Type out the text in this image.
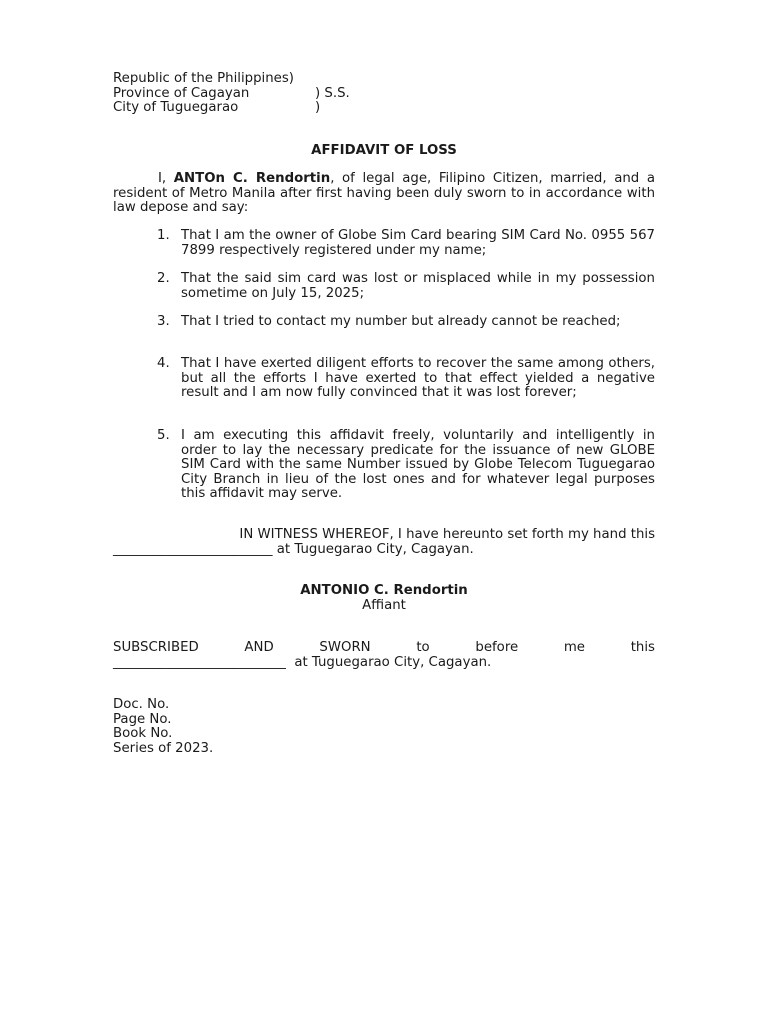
Republic of the Philippines)
Province of Cagayan	) S.S.
City of Tuguegarao	)
AFFIDAVIT OF LOSS
I, ANTOn C. Rendortin, of legal age, Filipino Citizen, married, and a resident of Metro Manila after first having been duly sworn to in accordance with law depose and say:
1. That I am the owner of Globe Sim Card bearing SIM Card No. 0955 567 7899 respectively registered under my name;
2. That the said sim card was lost or misplaced while in my possession sometime on July 15, 2025;
3. That I tried to contact my number but already cannot be reached;
4. That I have exerted diligent efforts to recover the same among others, but all the efforts I have exerted to that effect yielded a negative result and I am now fully convinced that it was lost forever;
5. I am executing this affidavit freely, voluntarily and intelligently in order to lay the necessary predicate for the issuance of new GLOBE SIM Card with the same Number issued by Globe Telecom Tuguegarao City Branch in lieu of the lost ones and for whatever legal purposes this affidavit may serve.
IN WITNESS WHEREOF, I have hereunto set forth my hand this
________________________ at Tuguegarao City, Cagayan.
ANTONIO C. Rendortin
Affiant
SUBSCRIBED	AND	SWORN	to	before	me	this
__________________________  at Tuguegarao City, Cagayan.
Doc. No.
Page No.
Book No.
Series of 2023.
